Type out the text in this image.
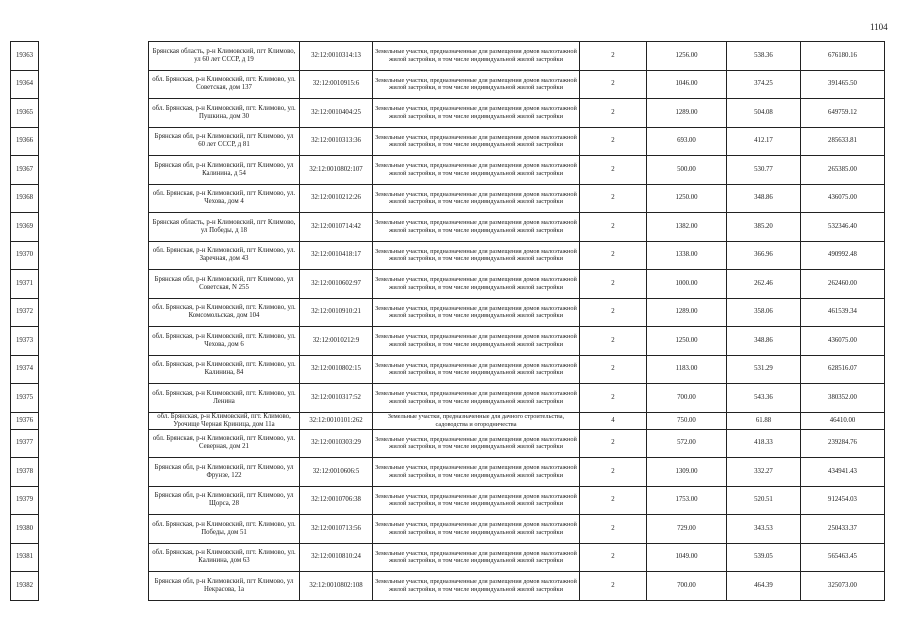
1104
19363		Брянская область, р-н Климовский, пгт Климово, ул 60 лет СССР, д 19	32:12:0010314:13	Земельные участки, предназначенные для размещения домов малоэтажной жилой застройки, в том числе индивидуальной жилой застройки	2	1256.00	538.36	676180.16
19364		обл. Брянская, р-н Климовский, пгт. Климово, ул. Советская, дом 137	32:12:0010915:6	Земельные участки, предназначенные для размещения домов малоэтажной жилой застройки, в том числе индивидуальной жилой застройки	2	1046.00	374.25	391465.50
19365		обл. Брянская, р-н Климовский, пгт. Климово, ул. Пушкина, дом 30	32:12:0010404:25	Земельные участки, предназначенные для размещения домов малоэтажной жилой застройки, в том числе индивидуальной жилой застройки	2	1289.00	504.08	649759.12
19366		Брянская обл, р-н Климовский, пгт Климово, ул 60 лет СССР, д 81	32:12:0010313:36	Земельные участки, предназначенные для размещения домов малоэтажной жилой застройки, в том числе индивидуальной жилой застройки	2	693.00	412.17	285633.81
19367		Брянская обл, р-н Климовский, пгт Климово, ул Калинина, д 54	32:12:0010802:107	Земельные участки, предназначенные для размещения домов малоэтажной жилой застройки, в том числе индивидуальной жилой застройки	2	500.00	530.77	265385.00
19368		обл. Брянская, р-н Климовский, пгт Климово, ул. Чехова, дом 4	32:12:0010212:26	Земельные участки, предназначенные для размещения домов малоэтажной жилой застройки, в том числе индивидуальной жилой застройки	2	1250.00	348.86	436075.00
19369		Брянская область, р-н Климовский, пгт Климово, ул Победы, д 18	32:12:0010714:42	Земельные участки, предназначенные для размещения домов малоэтажной жилой застройки, в том числе индивидуальной жилой застройки	2	1382.00	385.20	532346.40
19370		обл. Брянская, р-н Климовский, пгт Климово, ул. Заречная, дом 43	32:12:0010418:17	Земельные участки, предназначенные для размещения домов малоэтажной жилой застройки, в том числе индивидуальной жилой застройки	2	1338.00	366.96	490992.48
19371		Брянская обл, р-н Климовский, пгт Климово, ул Советская, N 255	32:12:0010602:97	Земельные участки, предназначенные для размещения домов малоэтажной жилой застройки, в том числе индивидуальной жилой застройки	2	1000.00	262.46	262460.00
19372		обл. Брянская, р-н Климовский, пгт. Климово, ул. Комсомольская, дом 104	32:12:0010910:21	Земельные участки, предназначенные для размещения домов малоэтажной жилой застройки, в том числе индивидуальной жилой застройки	2	1289.00	358.06	461539.34
19373		обл. Брянская, р-н Климовский, пгт. Климово, ул. Чехова, дом 6	32:12:0010212:9	Земельные участки, предназначенные для размещения домов малоэтажной жилой застройки, в том числе индивидуальной жилой застройки	2	1250.00	348.86	436075.00
19374		обл. Брянская, р-н Климовский, пгт. Климово, ул. Калинина, 84	32:12:0010802:15	Земельные участки, предназначенные для размещения домов малоэтажной жилой застройки, в том числе индивидуальной жилой застройки	2	1183.00	531.29	628516.07
19375		обл. Брянская, р-н Климовский, пгт. Климово, ул. Ленина	32:12:0010317:52	Земельные участки, предназначенные для размещения домов малоэтажной жилой застройки, в том числе индивидуальной жилой застройки	2	700.00	543.36	380352.00
19376		обл. Брянская, р-н Климовский, пгт. Климово, Урочище Черная Криница, дом 11а	32:12:0010101:262	Земельные участки, предназначенные для дачного строительства, садоводства и огородничества	4	750.00	61.88	46410.00
19377		обл. Брянская, р-н Климовский, пгт Климово, ул. Северная, дом 21	32:12:0010303:29	Земельные участки, предназначенные для размещения домов малоэтажной жилой застройки, в том числе индивидуальной жилой застройки	2	572.00	418.33	239284.76
19378		Брянская обл, р-н Климовский, пгт Климово, ул Фрунзе, 122	32:12:0010606:5	Земельные участки, предназначенные для размещения домов малоэтажной жилой застройки, в том числе индивидуальной жилой застройки	2	1309.00	332.27	434941.43
19379		Брянская обл, р-н Климовский, пгт Климово, ул Щорса, 28	32:12:0010706:38	Земельные участки, предназначенные для размещения домов малоэтажной жилой застройки, в том числе индивидуальной жилой застройки	2	1753.00	520.51	912454.03
19380		обл. Брянская, р-н Климовский, пгт. Климово, ул. Победы, дом 51	32:12:0010713:56	Земельные участки, предназначенные для размещения домов малоэтажной жилой застройки, в том числе индивидуальной жилой застройки	2	729.00	343.53	250433.37
19381		обл. Брянская, р-н Климовский, пгт. Климово, ул. Калинина, дом 63	32:12:0010810:24	Земельные участки, предназначенные для размещения домов малоэтажной жилой застройки, в том числе индивидуальной жилой застройки	2	1049.00	539.05	565463.45
19382		Брянская обл, р-н Климовский, пгт Климово, ул Некрасова, 1а	32:12:0010802:108	Земельные участки, предназначенные для размещения домов малоэтажной жилой застройки, в том числе индивидуальной жилой застройки	2	700.00	464.39	325073.00
